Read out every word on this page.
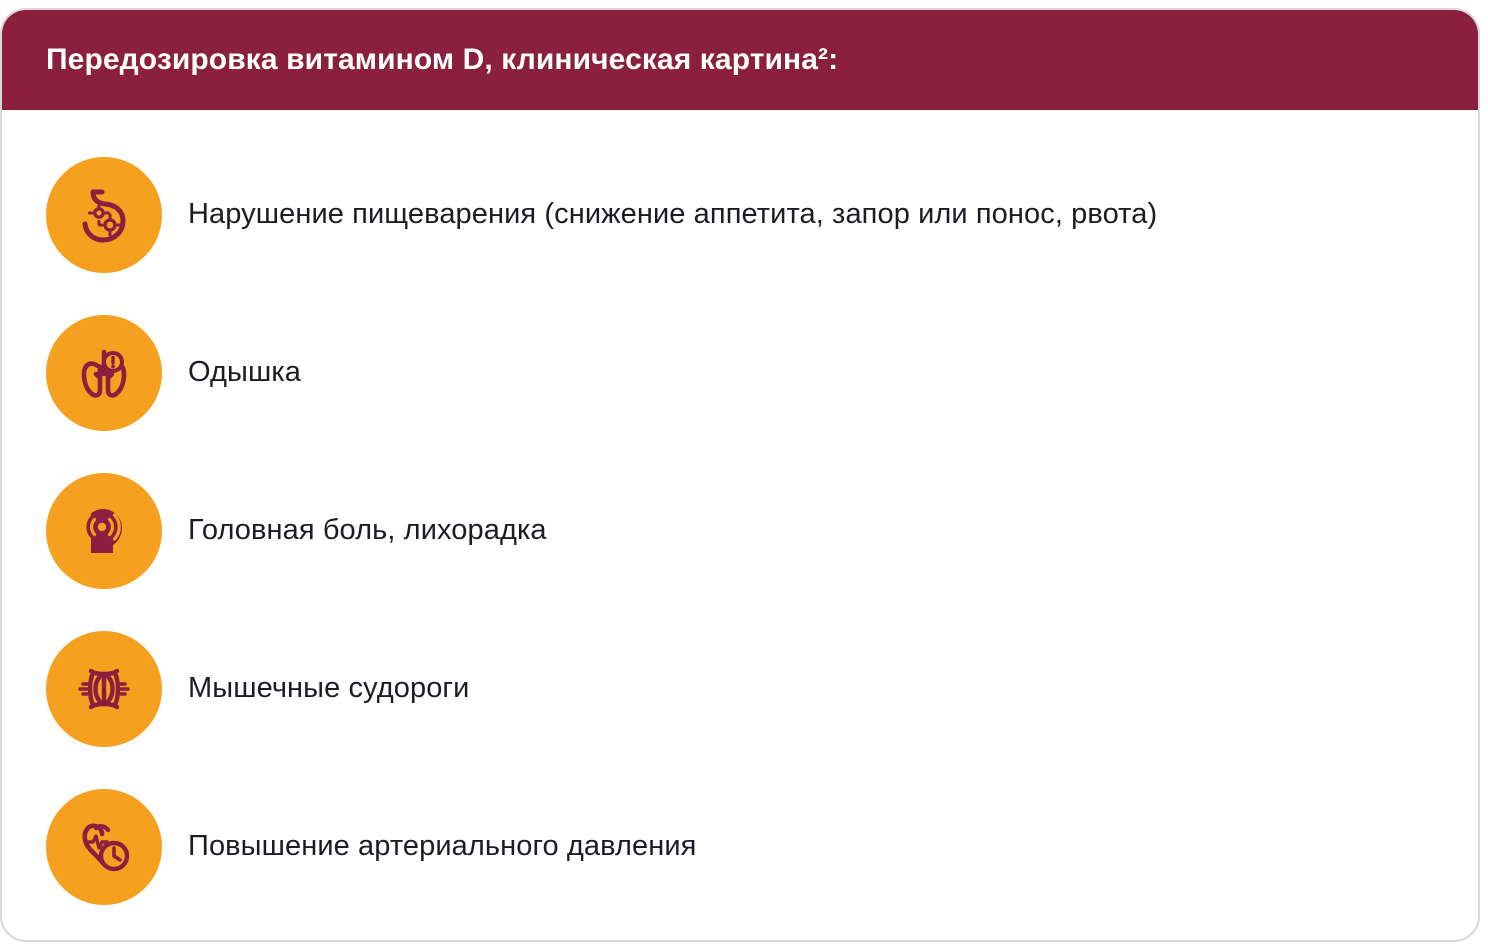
Передозировка витамином D, клиническая картина²:
Нарушение пищеварения (снижение аппетита, запор или понос, рвота)
Одышка
Головная боль, лихорадка
Мышечные судороги
Повышение артериального давления
